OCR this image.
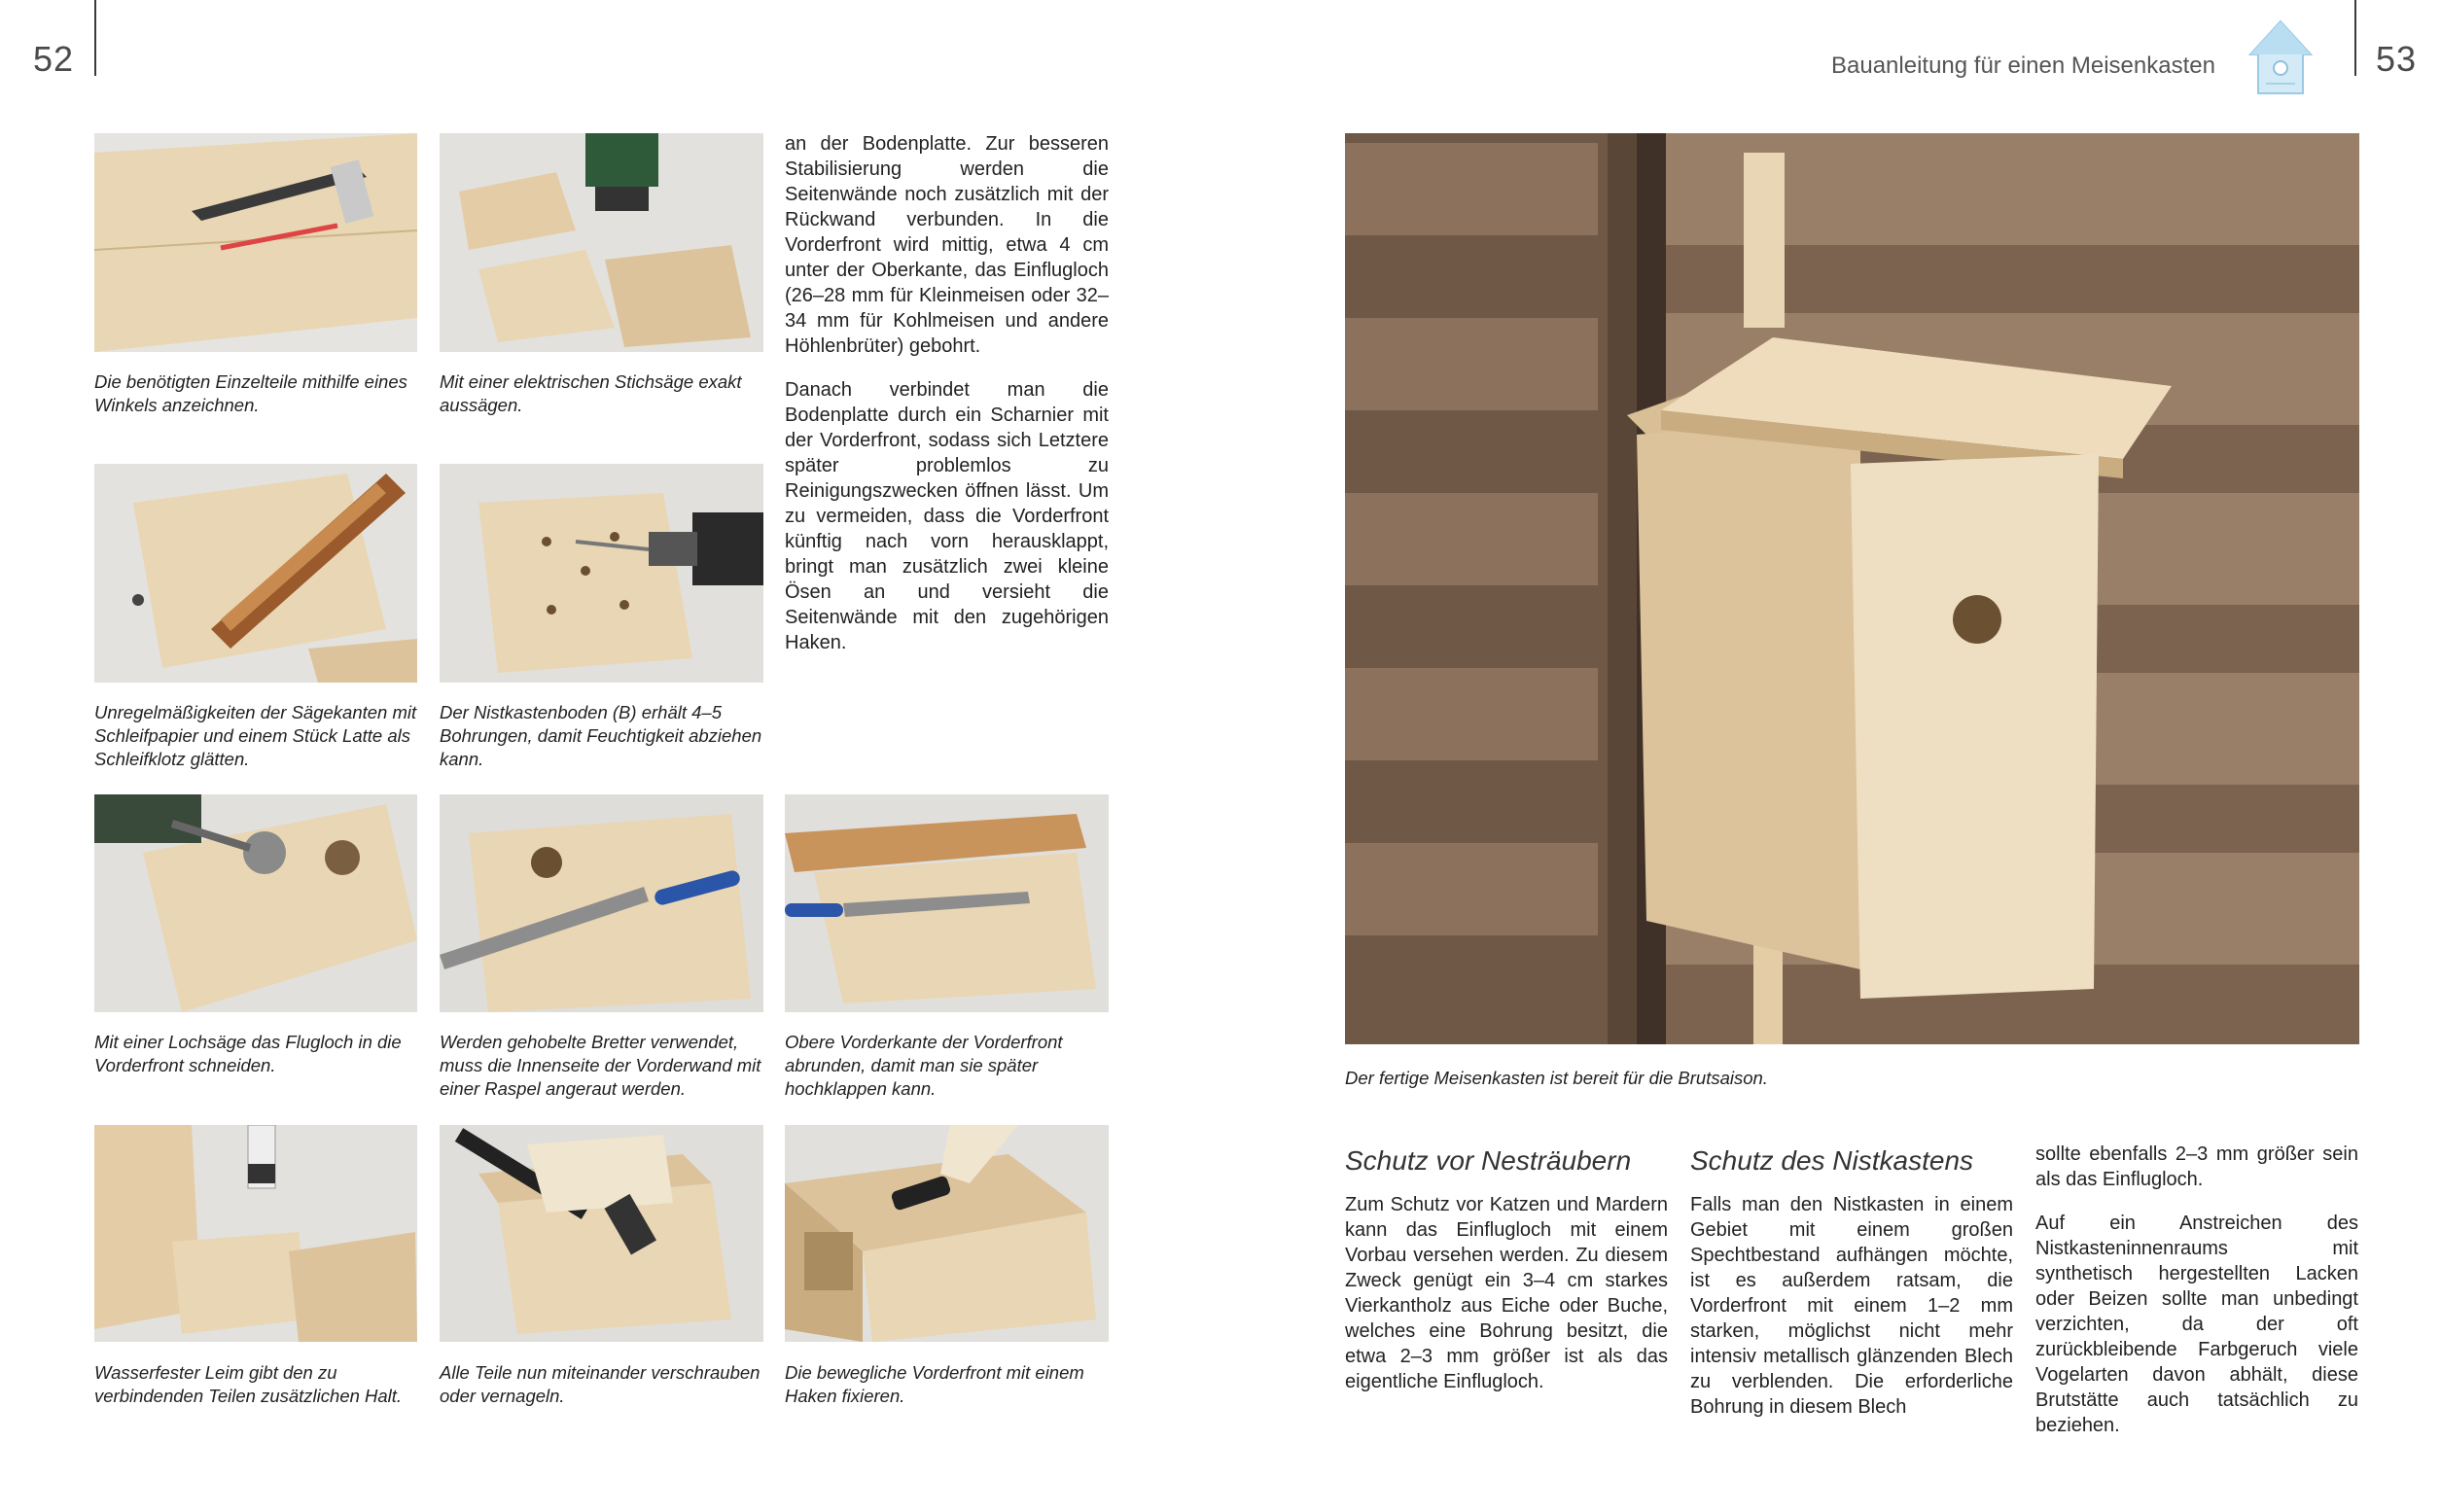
52	Bauanleitung für einen Meisenkasten	53
Die benötigten Einzelteile mithilfe eines Winkels anzeichnen.
Mit einer elektrischen Stichsäge exakt aussägen.
Unregelmäßigkeiten der Sägekanten mit Schleifpapier und einem Stück Latte als Schleifklotz glätten.
Der Nistkastenboden (B) erhält 4–5 Bohrungen, damit Feuchtigkeit abziehen kann.
Mit einer Lochsäge das Flugloch in die Vorderfront schneiden.
Werden gehobelte Bretter verwendet, muss die Innenseite der Vorderwand mit einer Raspel angeraut werden.
Obere Vorderkante der Vorderfront abrunden, damit man sie später hochklappen kann.
Wasserfester Leim gibt den zu verbindenden Teilen zusätzlichen Halt.
Alle Teile nun miteinander verschrauben oder vernageln.
Die bewegliche Vorderfront mit einem Haken fixieren.

an der Bodenplatte. Zur besseren Stabilisierung werden die Seitenwände noch zusätzlich mit der Rückwand verbunden. In die Vorderfront wird mittig, etwa 4 cm unter der Oberkante, das Einflugloch (26–28 mm für Kleinmeisen oder 32–34 mm für Kohlmeisen und andere Höhlenbrüter) gebohrt.

Danach verbindet man die Bodenplatte durch ein Scharnier mit der Vorderfront, sodass sich Letztere später problemlos zu Reinigungszwecken öffnen lässt. Um zu vermeiden, dass die Vorderfront künftig nach vorn herausklappt, bringt man zusätzlich zwei kleine Ösen an und versieht die Seitenwände mit den zugehörigen Haken.

Der fertige Meisenkasten ist bereit für die Brutsaison.
Schutz vor Nesträubern

Zum Schutz vor Katzen und Mardern kann das Einflugloch mit einem Vorbau versehen werden. Zu diesem Zweck genügt ein 3–4 cm starkes Vierkantholz aus Eiche oder Buche, welches eine Bohrung besitzt, die etwa 2–3 mm größer ist als das eigentliche Einflugloch.

Schutz des Nistkastens

Falls man den Nistkasten in einem Gebiet mit einem großen Spechtbestand aufhängen möchte, ist es außerdem ratsam, die Vorderfront mit einem 1–2 mm starken, möglichst nicht mehr intensiv metallisch glänzenden Blech zu verblenden. Die erforderliche Bohrung in diesem Blech

sollte ebenfalls 2–3 mm größer sein als das Einflugloch.

Auf ein Anstreichen des Nistkasteninnenraums mit synthetisch hergestellten Lacken oder Beizen sollte man unbedingt verzichten, da der oft zurückbleibende Farbgeruch viele Vogelarten davon abhält, diese Brutstätte auch tatsächlich zu beziehen.
